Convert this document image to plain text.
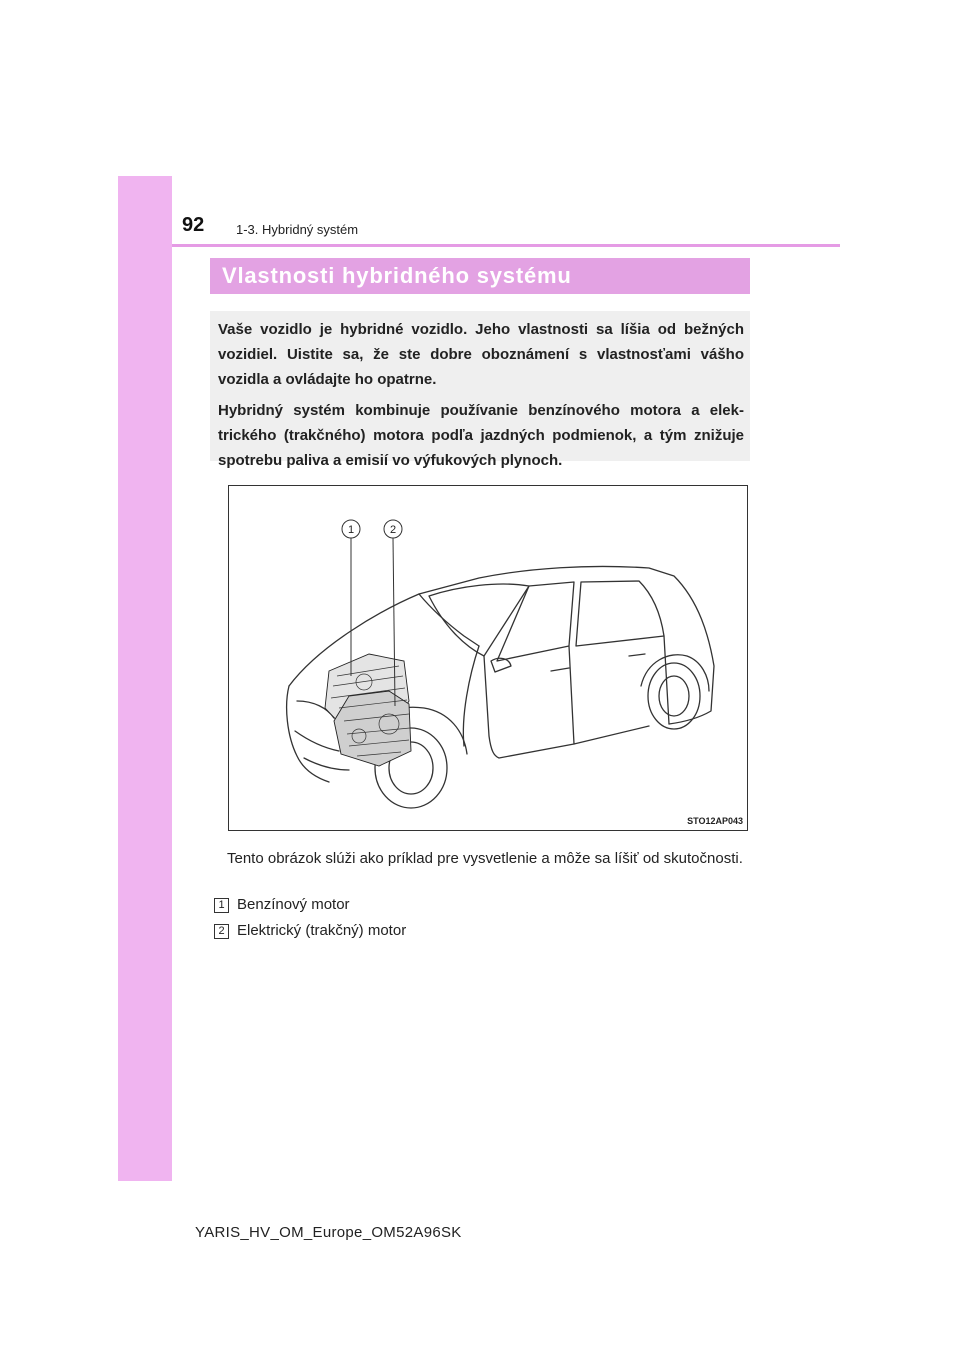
92 1-3. Hybridný systém
Vlastnosti hybridného systému

Vaše vozidlo je hybridné vozidlo. Jeho vlastnosti sa líšia od bežných vozidiel. Uistite sa, že ste dobre oboznámení s vlastnosťami vášho vozidla a ovládajte ho opatrne.

Hybridný systém kombinuje používanie benzínového motora a elektrického (trakčného) motora podľa jazdných podmienok, a tým znižuje spotrebu paliva a emisií vo výfukových plynoch.

1	2
STO12AP043

Tento obrázok slúži ako príklad pre vysvetlenie a môže sa líšiť od skutočnosti.

1 Benzínový motor
2 Elektrický (trakčný) motor
YARIS_HV_OM_Europe_OM52A96SK
